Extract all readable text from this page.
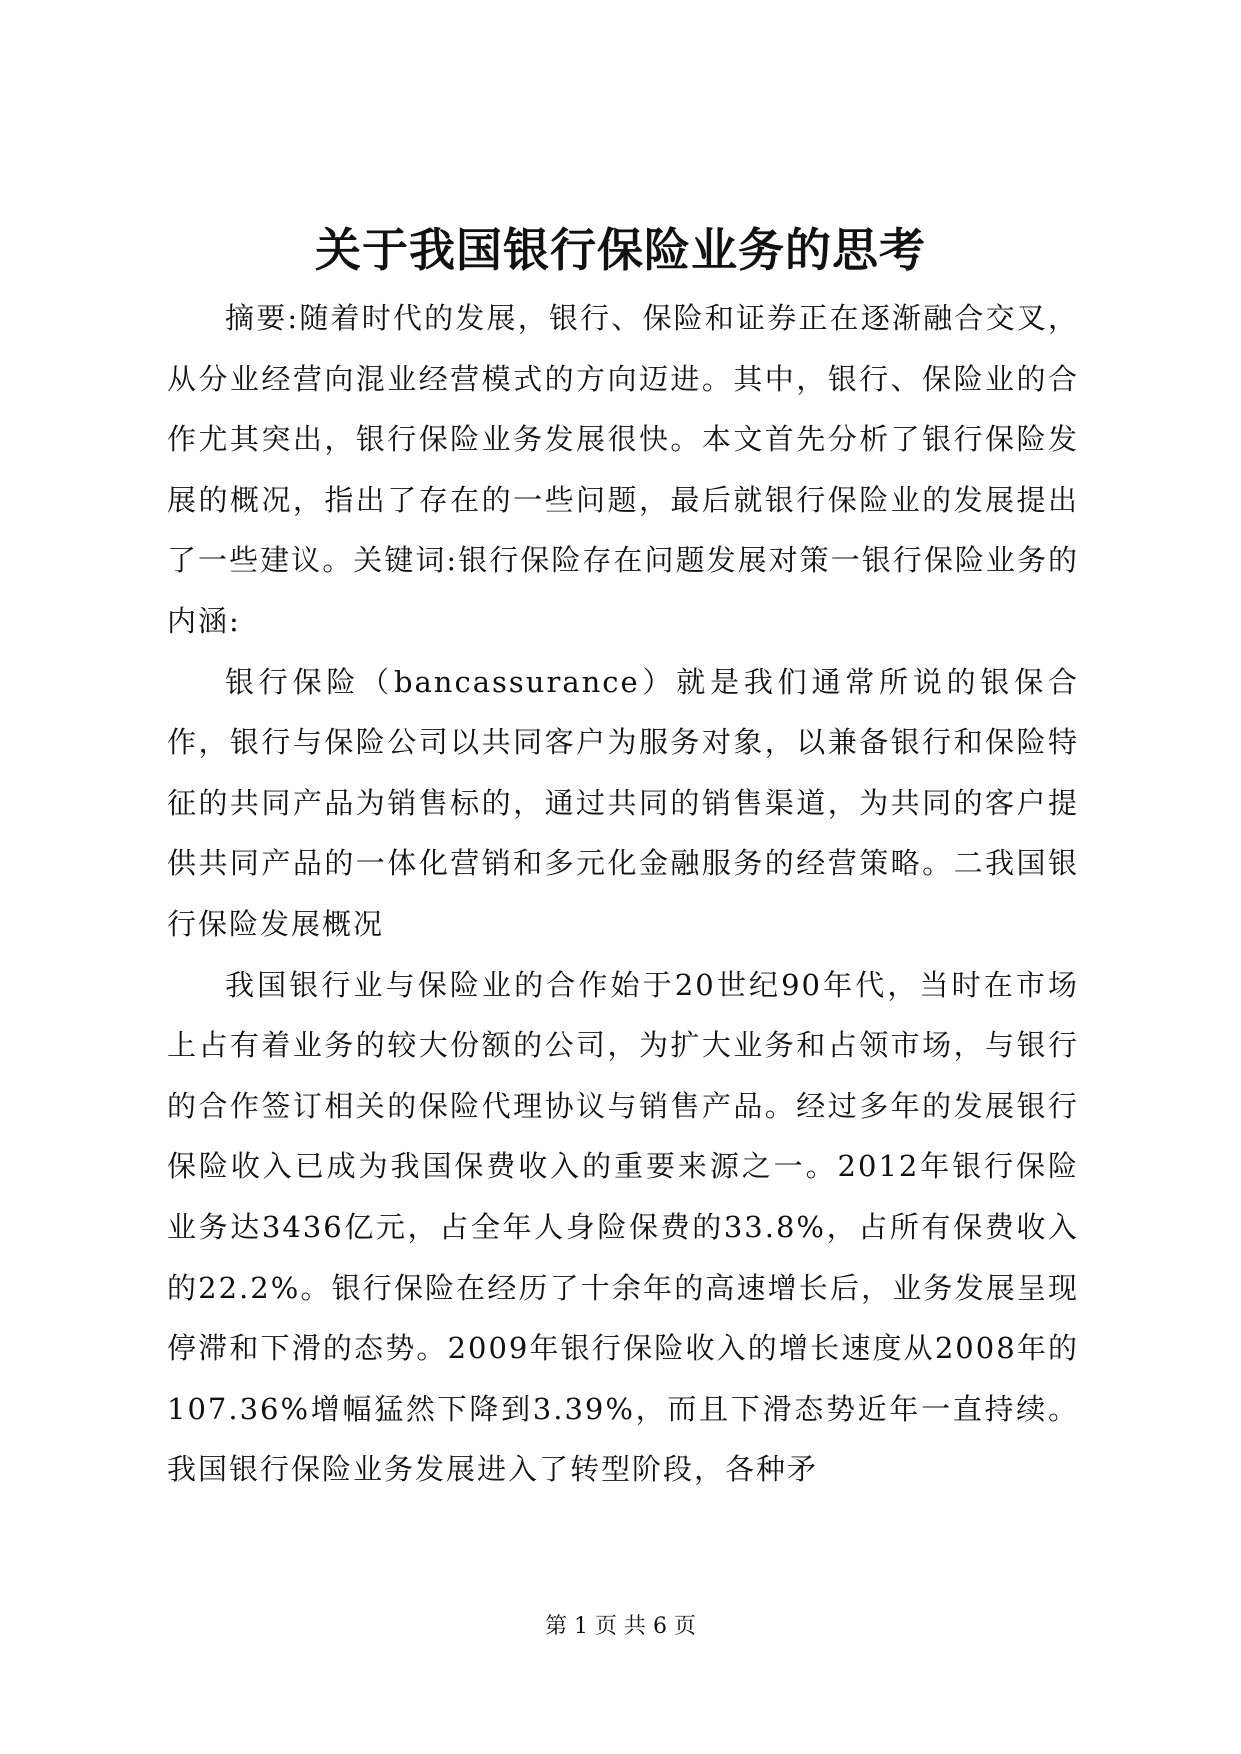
关于我国银行保险业务的思考

摘要:随着时代的发展，银行、保险和证券正在逐渐融合交叉，从分业经营向混业经营模式的方向迈进。其中，银行、保险业的合作尤其突出，银行保险业务发展很快。本文首先分析了银行保险发展的概况，指出了存在的一些问题，最后就银行保险业的发展提出了一些建议。关键词:银行保险存在问题发展对策一银行保险业务的内涵:

银行保险（bancassurance）就是我们通常所说的银保合作，银行与保险公司以共同客户为服务对象，以兼备银行和保险特征的共同产品为销售标的，通过共同的销售渠道，为共同的客户提供共同产品的一体化营销和多元化金融服务的经营策略。二我国银行保险发展概况

我国银行业与保险业的合作始于20世纪90年代，当时在市场上占有着业务的较大份额的公司，为扩大业务和占领市场，与银行的合作签订相关的保险代理协议与销售产品。经过多年的发展银行保险收入已成为我国保费收入的重要来源之一。2012年银行保险业务达3436亿元，占全年人身险保费的33.8%，占所有保费收入的22.2%。银行保险在经历了十余年的高速增长后，业务发展呈现停滞和下滑的态势。2009年银行保险收入的增长速度从2008年的107.36%增幅猛然下降到3.39%，而且下滑态势近年一直持续。我国银行保险业务发展进入了转型阶段，各种矛

第 1 页 共 6 页
